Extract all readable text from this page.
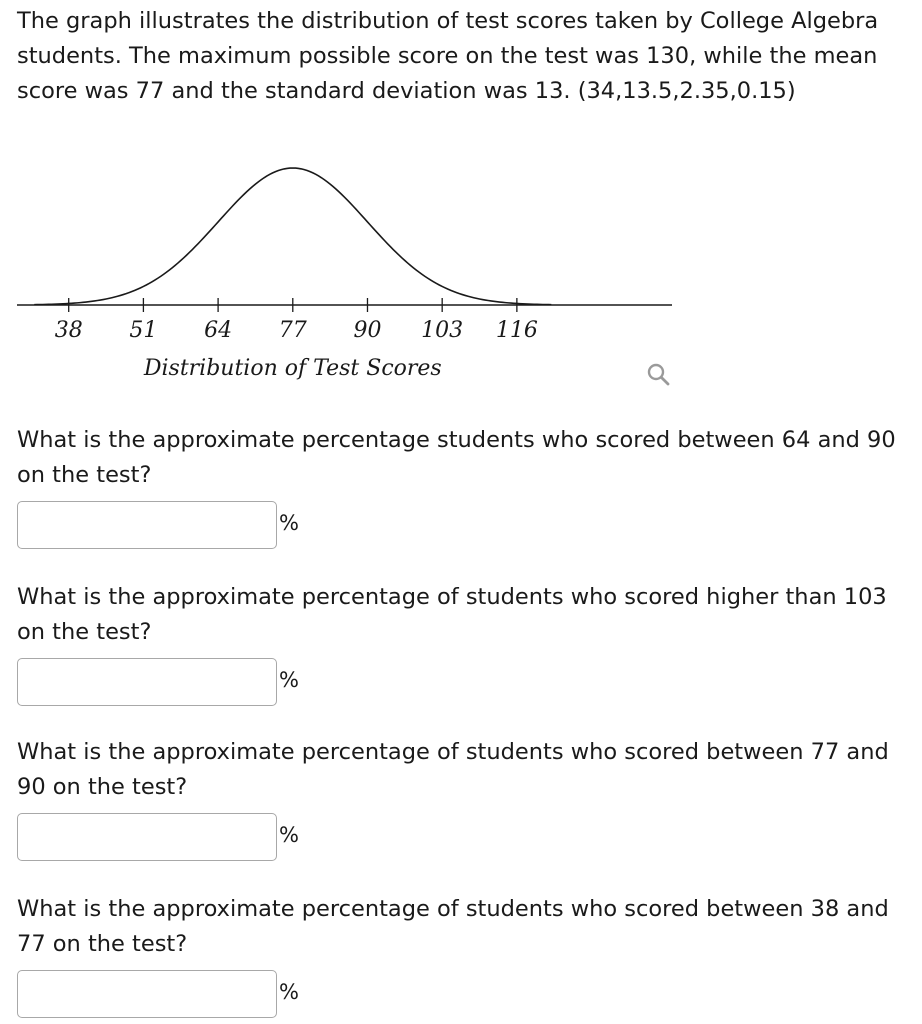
The graph illustrates the distribution of test scores taken by College Algebra students. The maximum possible score on the test was 130, while the mean score was 77 and the standard deviation was 13. (34,13.5,2.35,0.15)

38 51 64 77 90 103 116
Distribution of Test Scores

What is the approximate percentage students who scored between 64 and 90 on the test?

%

What is the approximate percentage of students who scored higher than 103 on the test?

%

What is the approximate percentage of students who scored between 77 and 90 on the test?

%

What is the approximate percentage of students who scored between 38 and 77 on the test?

%
